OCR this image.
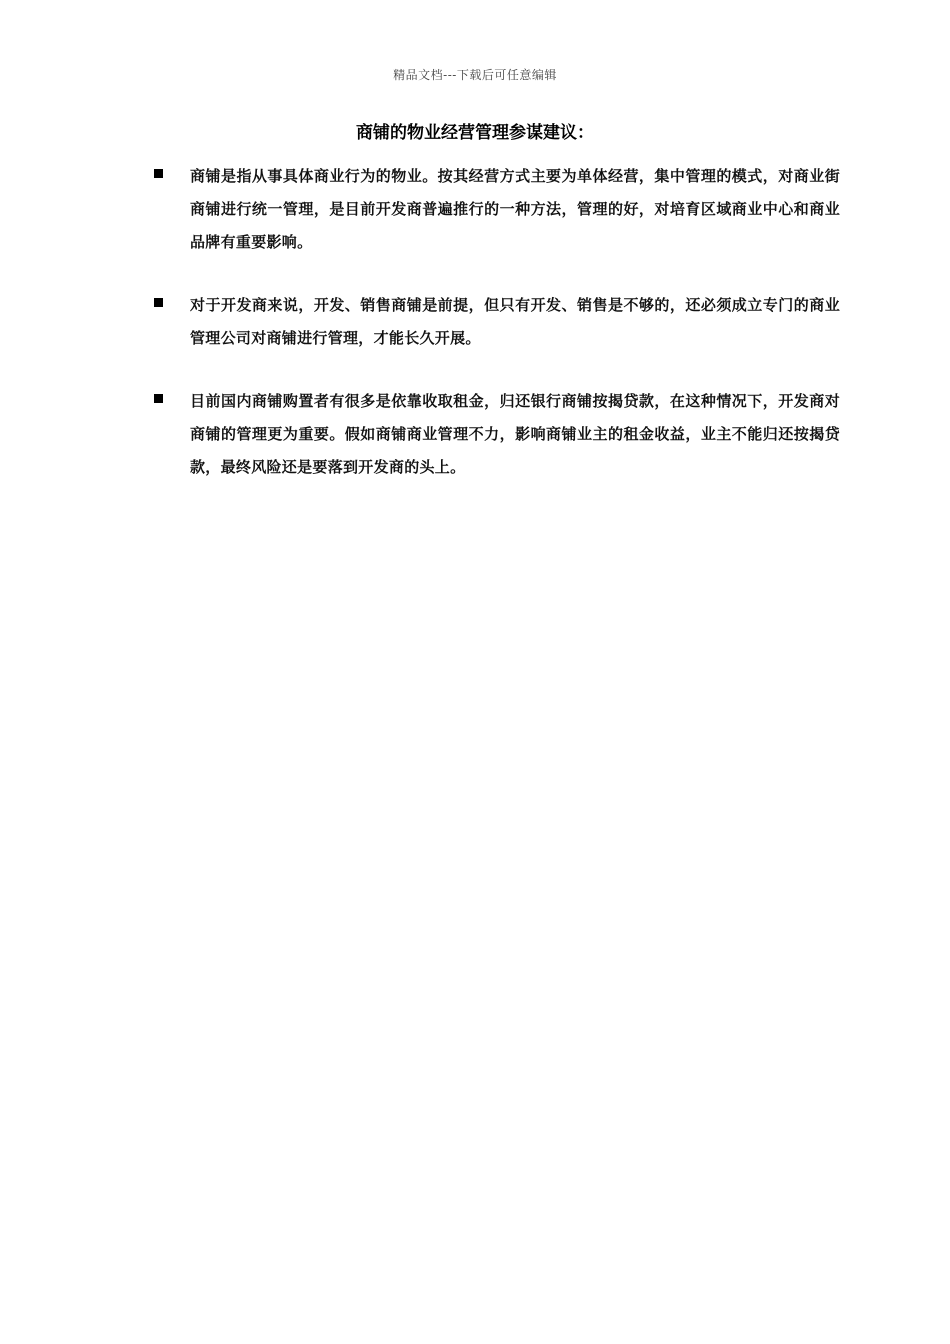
精品文档---下载后可任意编辑
商铺的物业经营管理参谋建议：
商铺是指从事具体商业行为的物业。按其经营方式主要为单体经营，集中管理的模式，对商业街商铺进行统一管理，是目前开发商普遍推行的一种方法，管理的好，对培育区域商业中心和商业品牌有重要影响。
对于开发商来说，开发、销售商铺是前提，但只有开发、销售是不够的，还必须成立专门的商业管理公司对商铺进行管理，才能长久开展。
目前国内商铺购置者有很多是依靠收取租金，归还银行商铺按揭贷款，在这种情况下，开发商对商铺的管理更为重要。假如商铺商业管理不力，影响商铺业主的租金收益，业主不能归还按揭贷款，最终风险还是要落到开发商的头上。
